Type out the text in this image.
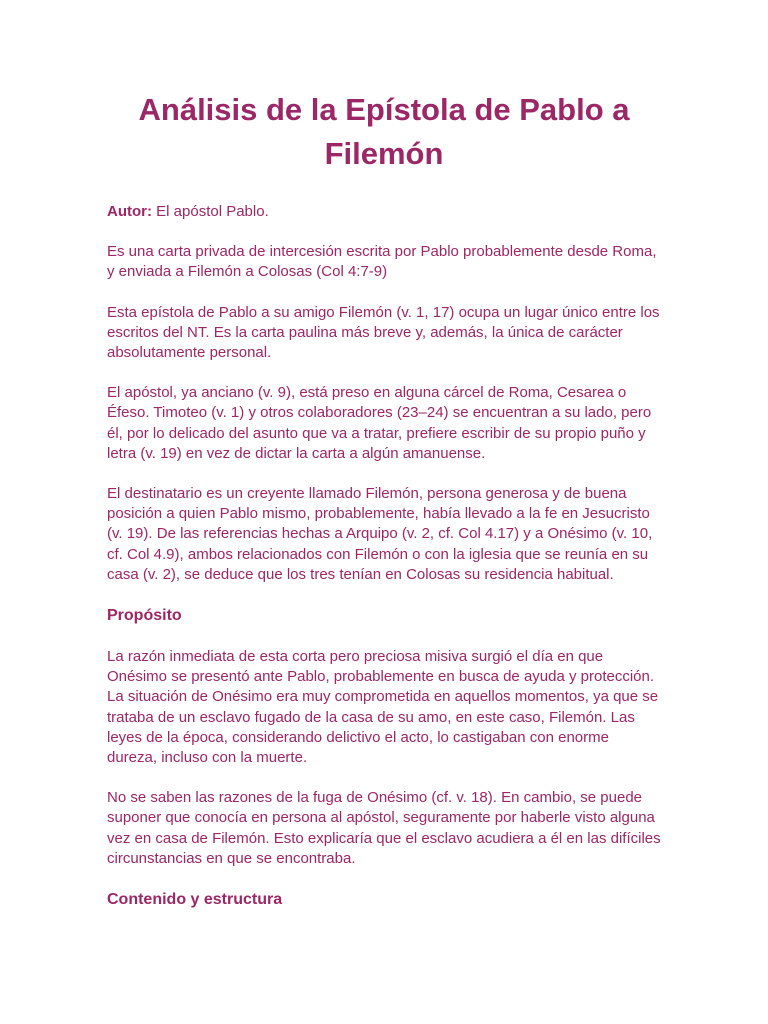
Análisis de la Epístola de Pablo a Filemón

Autor: El apóstol Pablo.

Es una carta privada de intercesión escrita por Pablo probablemente desde Roma, y enviada a Filemón a Colosas (Col 4:7-9)

Esta epístola de Pablo a su amigo Filemón (v. 1, 17) ocupa un lugar único entre los escritos del NT. Es la carta paulina más breve y, además, la única de carácter absolutamente personal.

El apóstol, ya anciano (v. 9), está preso en alguna cárcel de Roma, Cesarea o Éfeso. Timoteo (v. 1) y otros colaboradores (23–24) se encuentran a su lado, pero él, por lo delicado del asunto que va a tratar, prefiere escribir de su propio puño y letra (v. 19) en vez de dictar la carta a algún amanuense.

El destinatario es un creyente llamado Filemón, persona generosa y de buena posición a quien Pablo mismo, probablemente, había llevado a la fe en Jesucristo (v. 19). De las referencias hechas a Arquipo (v. 2, cf. Col 4.17) y a Onésimo (v. 10, cf. Col 4.9), ambos relacionados con Filemón o con la iglesia que se reunía en su casa (v. 2), se deduce que los tres tenían en Colosas su residencia habitual.

Propósito

La razón inmediata de esta corta pero preciosa misiva surgió el día en que Onésimo se presentó ante Pablo, probablemente en busca de ayuda y protección. La situación de Onésimo era muy comprometida en aquellos momentos, ya que se trataba de un esclavo fugado de la casa de su amo, en este caso, Filemón. Las leyes de la época, considerando delictivo el acto, lo castigaban con enorme dureza, incluso con la muerte.

No se saben las razones de la fuga de Onésimo (cf. v. 18). En cambio, se puede suponer que conocía en persona al apóstol, seguramente por haberle visto alguna vez en casa de Filemón. Esto explicaría que el esclavo acudiera a él en las difíciles circunstancias en que se encontraba.

Contenido y estructura
